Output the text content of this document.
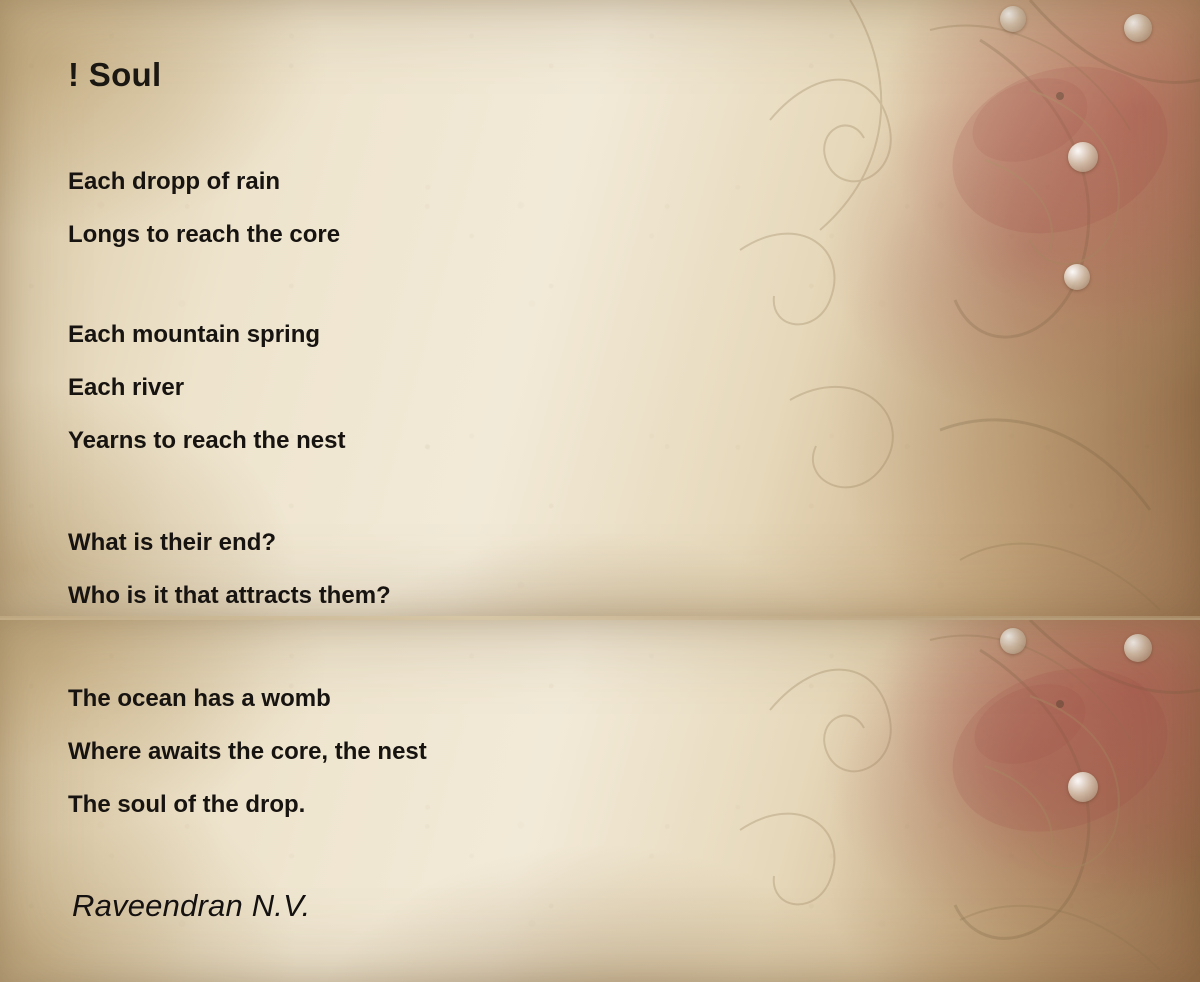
! Soul
Each dropp of rain
Longs to reach the core
Each mountain spring
Each river
Yearns to reach the nest
What is their end?
Who is it that attracts them?
The ocean has a womb
Where awaits the core, the nest
The soul of the drop.
Raveendran N.V.
